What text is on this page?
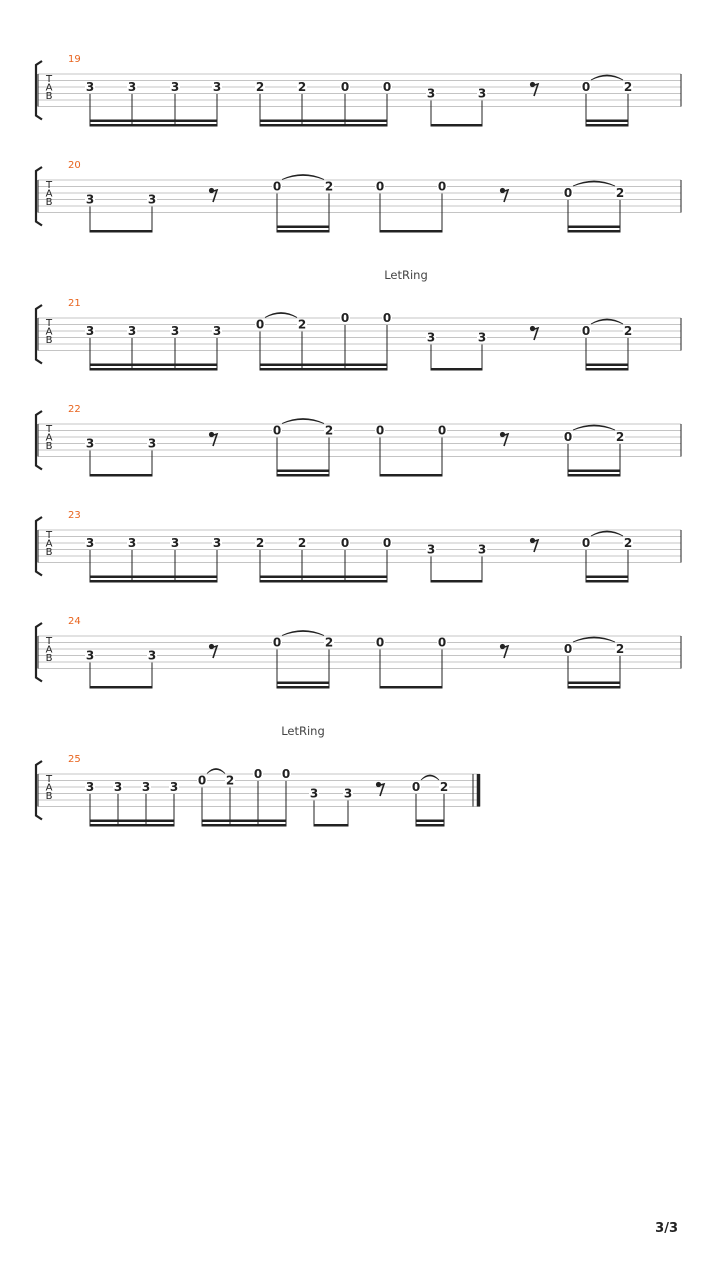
T
A
B
19
3	3	3	3	2	2	0	0	3	3	0	2
T
A
B
20
3	3
0	2	0	0	0	2
T
A
B
21
LetRing
3	3	3	3	0	2	0	0
3	3	0	2
T
A
B
22
3	3
0	2	0	0	0	2
T
A
B
23
3	3	3	3	2	2	0	0	3	3	0	2
T
A
B
24
3	3
0	2	0	0	0	2
T
A
B
25
LetRing
3 3 3 3 0 2 0 0
3 3	0 2
3/3
